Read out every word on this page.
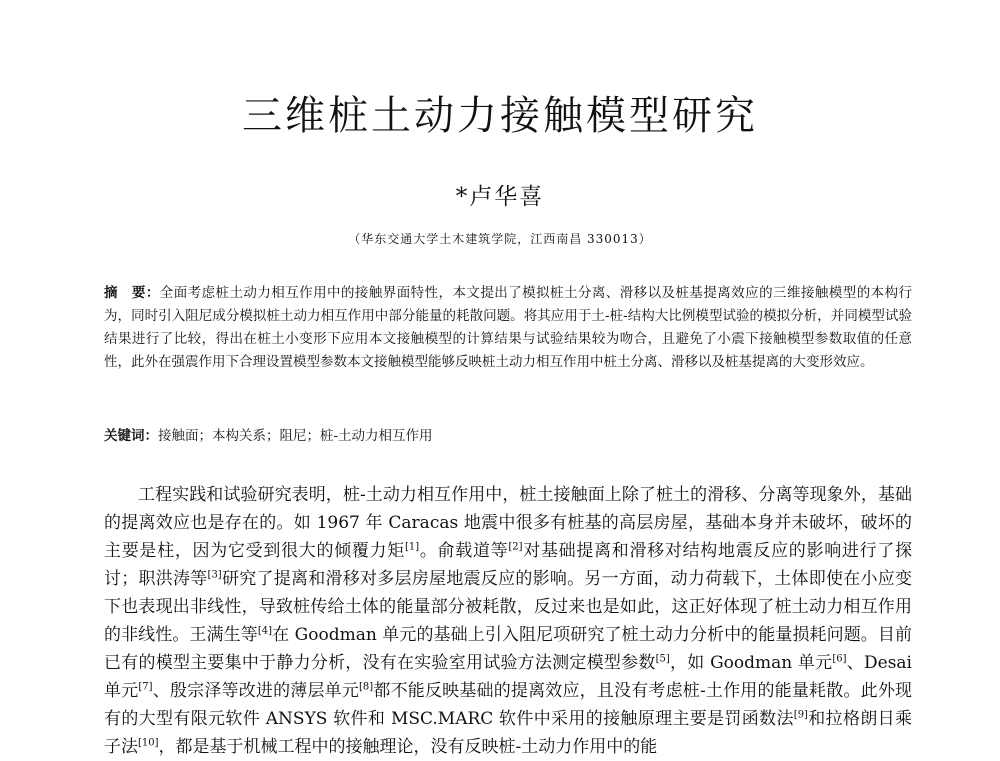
三维桩土动力接触模型研究
*卢华喜
（华东交通大学土木建筑学院，江西南昌 330013）
摘　要：全面考虑桩土动力相互作用中的接触界面特性，本文提出了模拟桩土分离、滑移以及桩基提离效应的三维接触模型的本构行为，同时引入阻尼成分模拟桩土动力相互作用中部分能量的耗散问题。将其应用于土-桩-结构大比例模型试验的模拟分析，并同模型试验结果进行了比较，得出在桩土小变形下应用本文接触模型的计算结果与试验结果较为吻合，且避免了小震下接触模型参数取值的任意性，此外在强震作用下合理设置模型参数本文接触模型能够反映桩土动力相互作用中桩土分离、滑移以及桩基提离的大变形效应。
关键词：接触面；本构关系；阻尼；桩-土动力相互作用
工程实践和试验研究表明，桩-土动力相互作用中，桩土接触面上除了桩土的滑移、分离等现象外，基础的提离效应也是存在的。如 1967 年 Caracas 地震中很多有桩基的高层房屋，基础本身并未破坏，破坏的主要是柱，因为它受到很大的倾覆力矩[1]。俞载道等[2]对基础提离和滑移对结构地震反应的影响进行了探讨；职洪涛等[3]研究了提离和滑移对多层房屋地震反应的影响。另一方面，动力荷载下，土体即使在小应变下也表现出非线性，导致桩传给土体的能量部分被耗散，反过来也是如此，这正好体现了桩土动力相互作用的非线性。王满生等[4]在 Goodman 单元的基础上引入阻尼项研究了桩土动力分析中的能量损耗问题。目前已有的模型主要集中于静力分析，没有在实验室用试验方法测定模型参数[5]，如 Goodman 单元[6]、Desai 单元[7]、殷宗泽等改进的薄层单元[8]都不能反映基础的提离效应，且没有考虑桩-土作用的能量耗散。此外现有的大型有限元软件 ANSYS 软件和 MSC.MARC 软件中采用的接触原理主要是罚函数法[9]和拉格朗日乘子法[10]，都是基于机械工程中的接触理论，没有反映桩-土动力作用中的能
